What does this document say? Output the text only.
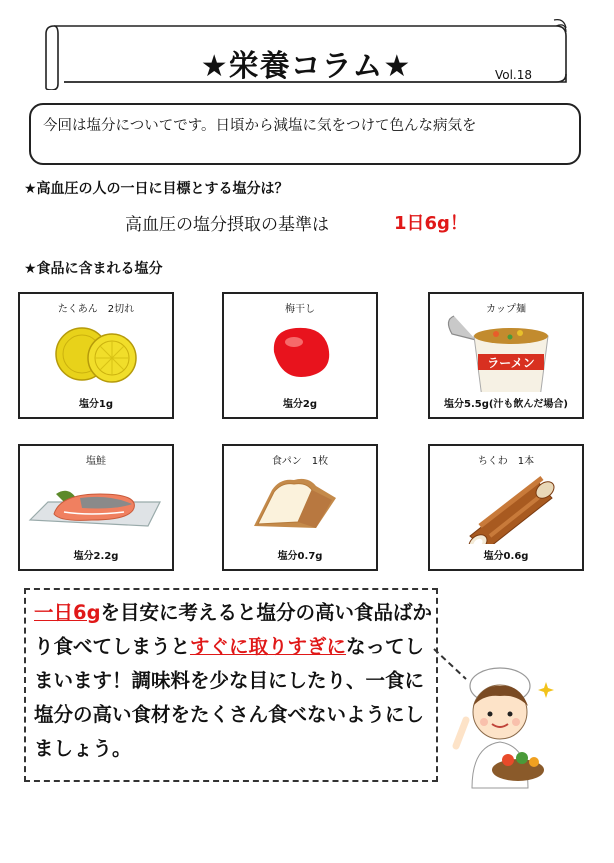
★栄養コラム★	Vol.18
今回は塩分についてです。日頃から減塩に気をつけて色んな病気を
★高血圧の人の一日に目標とする塩分は？
高血圧の塩分摂取の基準は	1日6g！
★食品に含まれる塩分
たくあん　2切れ
塩分1g
梅干し
塩分2g
カップ麺
ラーメン
塩分5.5g(汁も飲んだ場合)
塩鮭
塩分2.2g
食パン　1枚
塩分0.7g
ちくわ　1本
塩分0.6g
一日6gを目安に考えると塩分の高い食品ばかり食べてしまうとすぐに取りすぎになってしまいます！調味料を少な目にしたり、一食に塩分の高い食材をたくさん食べないようにしましょう。
